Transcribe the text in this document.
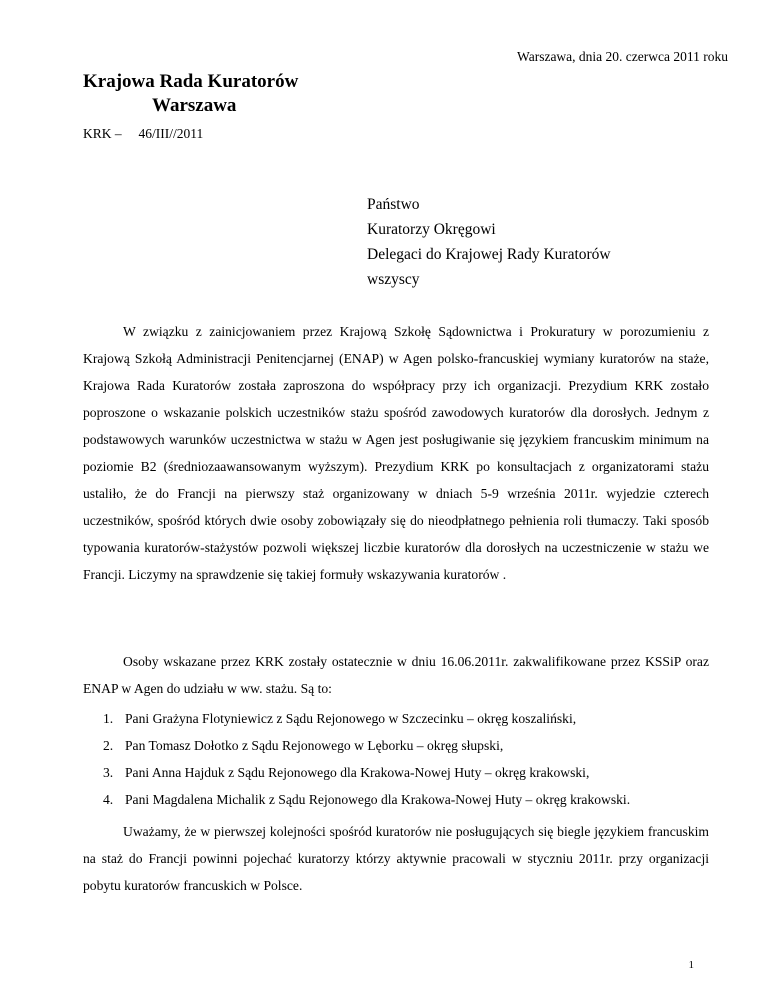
Warszawa, dnia 20. czerwca 2011 roku
Krajowa Rada Kuratorów
Warszawa
KRK –     46/III//2011
Państwo
Kuratorzy Okręgowi
Delegaci do Krajowej Rady Kuratorów
wszyscy

W związku z zainicjowaniem przez Krajową Szkołę Sądownictwa i Prokuratury w porozumieniu z Krajową Szkołą Administracji Penitencjarnej (ENAP) w Agen polsko-francuskiej wymiany kuratorów na staże, Krajowa Rada Kuratorów została zaproszona do współpracy przy ich organizacji. Prezydium KRK zostało poproszone o wskazanie polskich uczestników stażu spośród zawodowych kuratorów dla dorosłych. Jednym z podstawowych warunków uczestnictwa w stażu w Agen jest posługiwanie się językiem francuskim minimum na poziomie B2 (średniozaawansowanym wyższym). Prezydium KRK po konsultacjach z organizatorami stażu ustaliło, że do Francji na pierwszy staż organizowany w dniach 5-9 września 2011r. wyjedzie czterech uczestników, spośród których dwie osoby zobowiązały się do nieodpłatnego pełnienia roli tłumaczy. Taki sposób typowania kuratorów-stażystów pozwoli większej liczbie kuratorów dla dorosłych na uczestniczenie w stażu we Francji. Liczymy na sprawdzenie się takiej formuły wskazywania kuratorów .

Osoby wskazane przez KRK zostały ostatecznie w dniu 16.06.2011r. zakwalifikowane przez KSSiP oraz ENAP w Agen do udziału w ww. stażu. Są to:

1. Pani Grażyna Flotyniewicz z Sądu Rejonowego w Szczecinku – okręg koszaliński,
2. Pan Tomasz Dołotko z Sądu Rejonowego w Lęborku – okręg słupski,
3. Pani Anna Hajduk z Sądu Rejonowego dla Krakowa-Nowej Huty – okręg krakowski,
4. Pani Magdalena Michalik z Sądu Rejonowego dla Krakowa-Nowej Huty – okręg krakowski.

Uważamy, że w pierwszej kolejności spośród kuratorów nie posługujących się biegle językiem francuskim na staż do Francji powinni pojechać kuratorzy którzy aktywnie pracowali w styczniu 2011r. przy organizacji pobytu kuratorów francuskich w Polsce.

1
